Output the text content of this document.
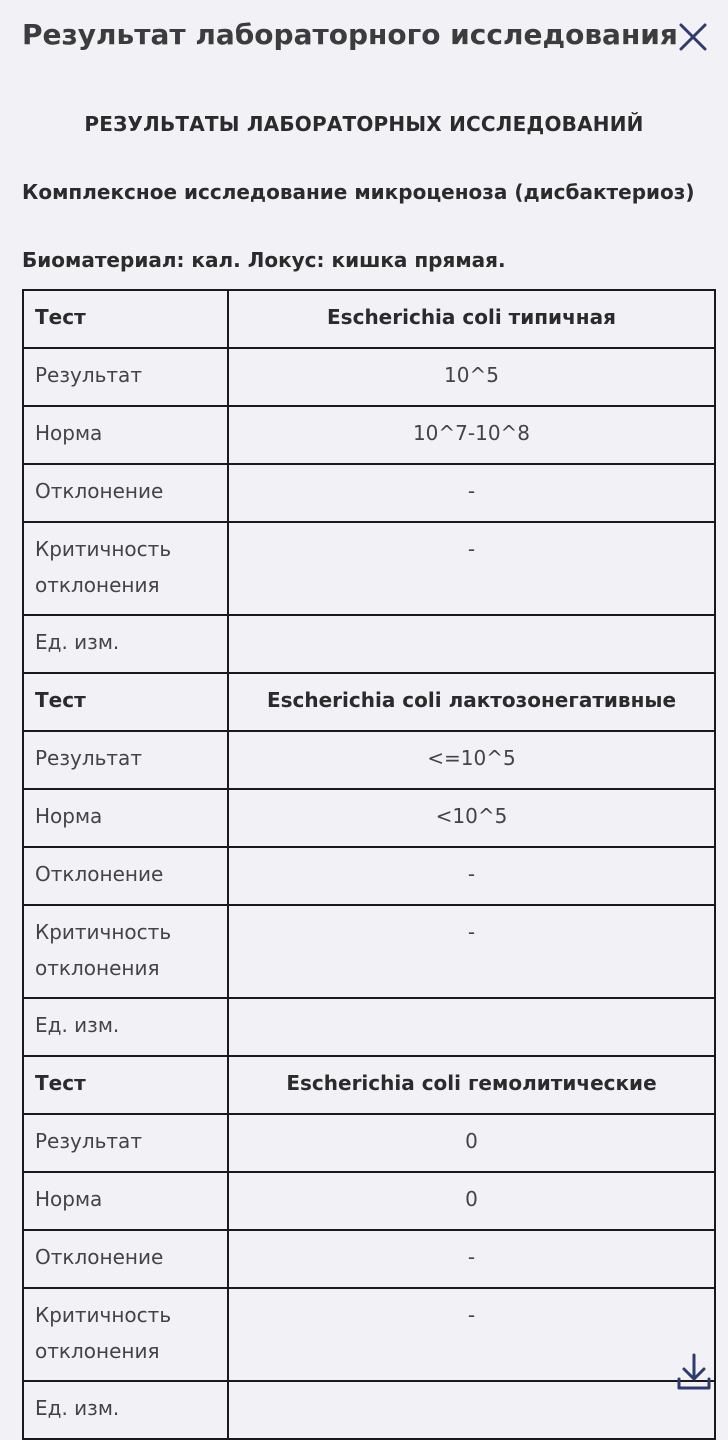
Результат лабораторного исследования
РЕЗУЛЬТАТЫ ЛАБОРАТОРНЫХ ИССЛЕДОВАНИЙ
Комплексное исследование микроценоза (дисбактериоз)
Биоматериал: кал. Локус: кишка прямая.
Тест	Escherichia coli типичная
Результат	10^5
Норма	10^7-10^8
Отклонение	-
Критичность
отклонения	-
Ед. изм.	
Тест	Escherichia coli лактозонегативные
Результат	<=10^5
Норма	<10^5
Отклонение	-
Критичность
отклонения	-
Ед. изм.	
Тест	Escherichia coli гемолитические
Результат	0
Норма	0
Отклонение	-
Критичность
отклонения	-
Ед. изм.	
